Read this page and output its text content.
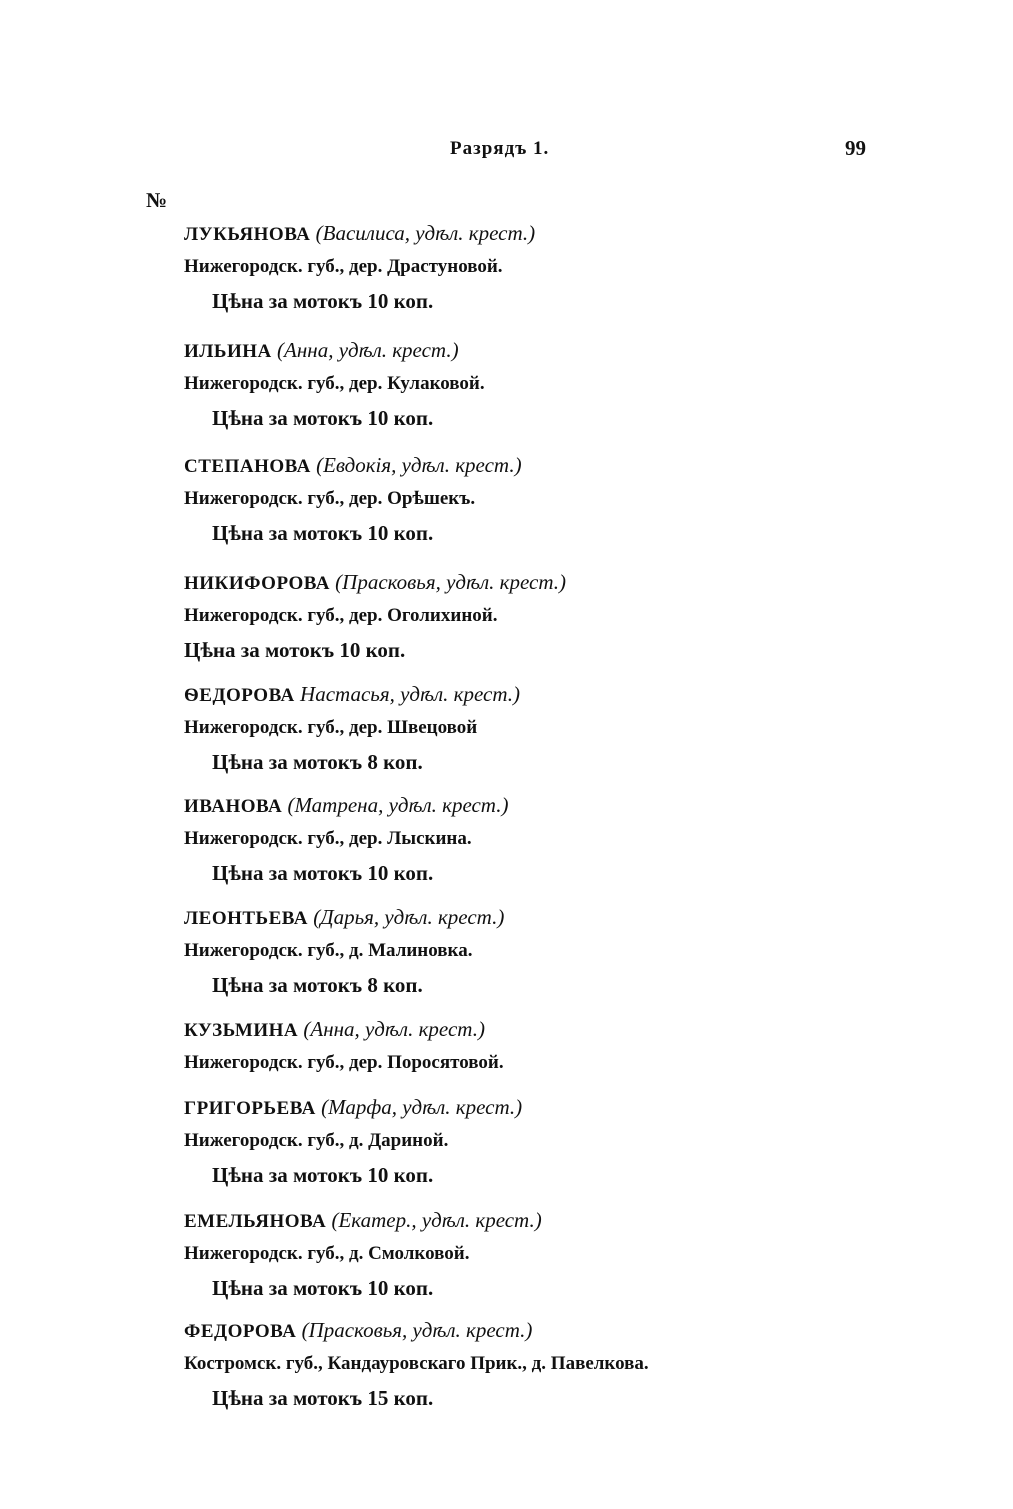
Разрядъ 1.	99
№
ЛУКЬЯНОВА (Василиса, удѣл. крест.)
Нижегородск. губ., дер. Драстуновой.
Цѣна за мотокъ 10 коп.
ИЛЬИНА (Анна, удѣл. крест.)
Нижегородск. губ., дер. Кулаковой.
Цѣна за мотокъ 10 коп.
СТЕПАНОВА (Евдокія, удѣл. крест.)
Нижегородск. губ., дер. Орѣшекъ.
Цѣна за мотокъ 10 коп.
НИКИФОРОВА (Прасковья, удѣл. крест.)
Нижегородск. губ., дер. Оголихиной.
Цѣна за мотокъ 10 коп.
ѲЕДОРОВА Настасья, удѣл. крест.)
Нижегородск. губ., дер. Швецовой
Цѣна за мотокъ 8 коп.
ИВАНОВА (Матрена, удѣл. крест.)
Нижегородск. губ., дер. Лыскина.
Цѣна за мотокъ 10 коп.
ЛЕОНТЬЕВА (Дарья, удѣл. крест.)
Нижегородск. губ., д. Малиновка.
Цѣна за мотокъ 8 коп.
КУЗЬМИНА (Анна, удѣл. крест.)
Нижегородск. губ., дер. Поросятовой.
ГРИГОРЬЕВА (Марфа, удѣл. крест.)
Нижегородск. губ., д. Дариной.
Цѣна за мотокъ 10 коп.
ЕМЕЛЬЯНОВА (Екатер., удѣл. крест.)
Нижегородск. губ., д. Смолковой.
Цѣна за мотокъ 10 коп.
ФЕДОРОВА (Прасковья, удѣл. крест.)
Костромск. губ., Кандауровскаго Прик., д. Павелкова.
Цѣна за мотокъ 15 коп.
